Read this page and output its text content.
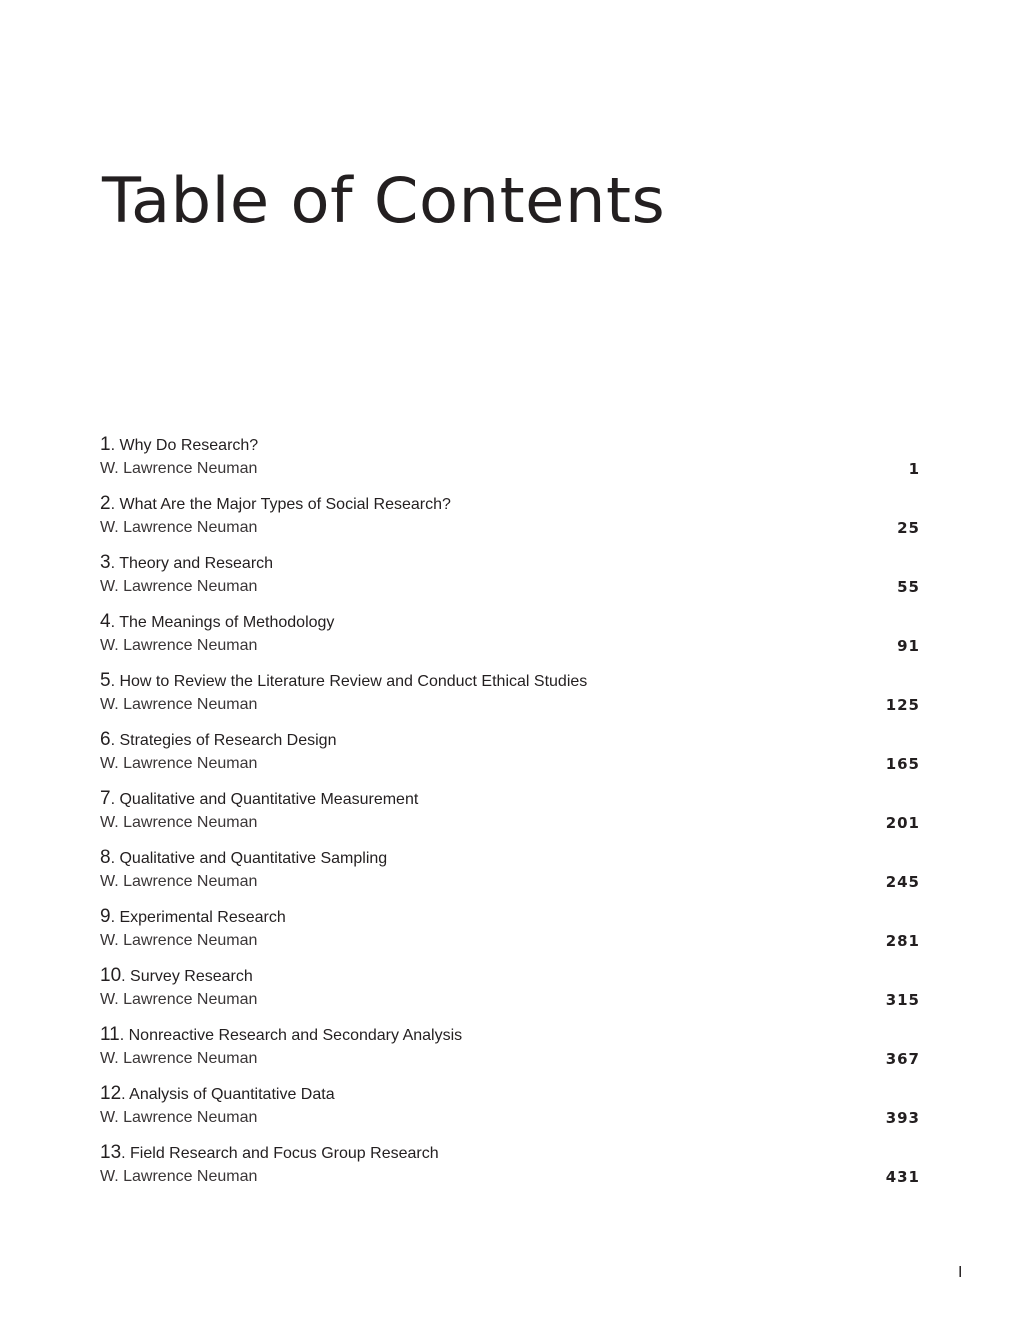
Table of Contents
1. Why Do Research?
W. Lawrence Neuman	1
2. What Are the Major Types of Social Research?
W. Lawrence Neuman	25
3. Theory and Research
W. Lawrence Neuman	55
4. The Meanings of Methodology
W. Lawrence Neuman	91
5. How to Review the Literature Review and Conduct Ethical Studies
W. Lawrence Neuman	125
6. Strategies of Research Design
W. Lawrence Neuman	165
7. Qualitative and Quantitative Measurement
W. Lawrence Neuman	201
8. Qualitative and Quantitative Sampling
W. Lawrence Neuman	245
9. Experimental Research
W. Lawrence Neuman	281
10. Survey Research
W. Lawrence Neuman	315
11. Nonreactive Research and Secondary Analysis
W. Lawrence Neuman	367
12. Analysis of Quantitative Data
W. Lawrence Neuman	393
13. Field Research and Focus Group Research
W. Lawrence Neuman	431
I
